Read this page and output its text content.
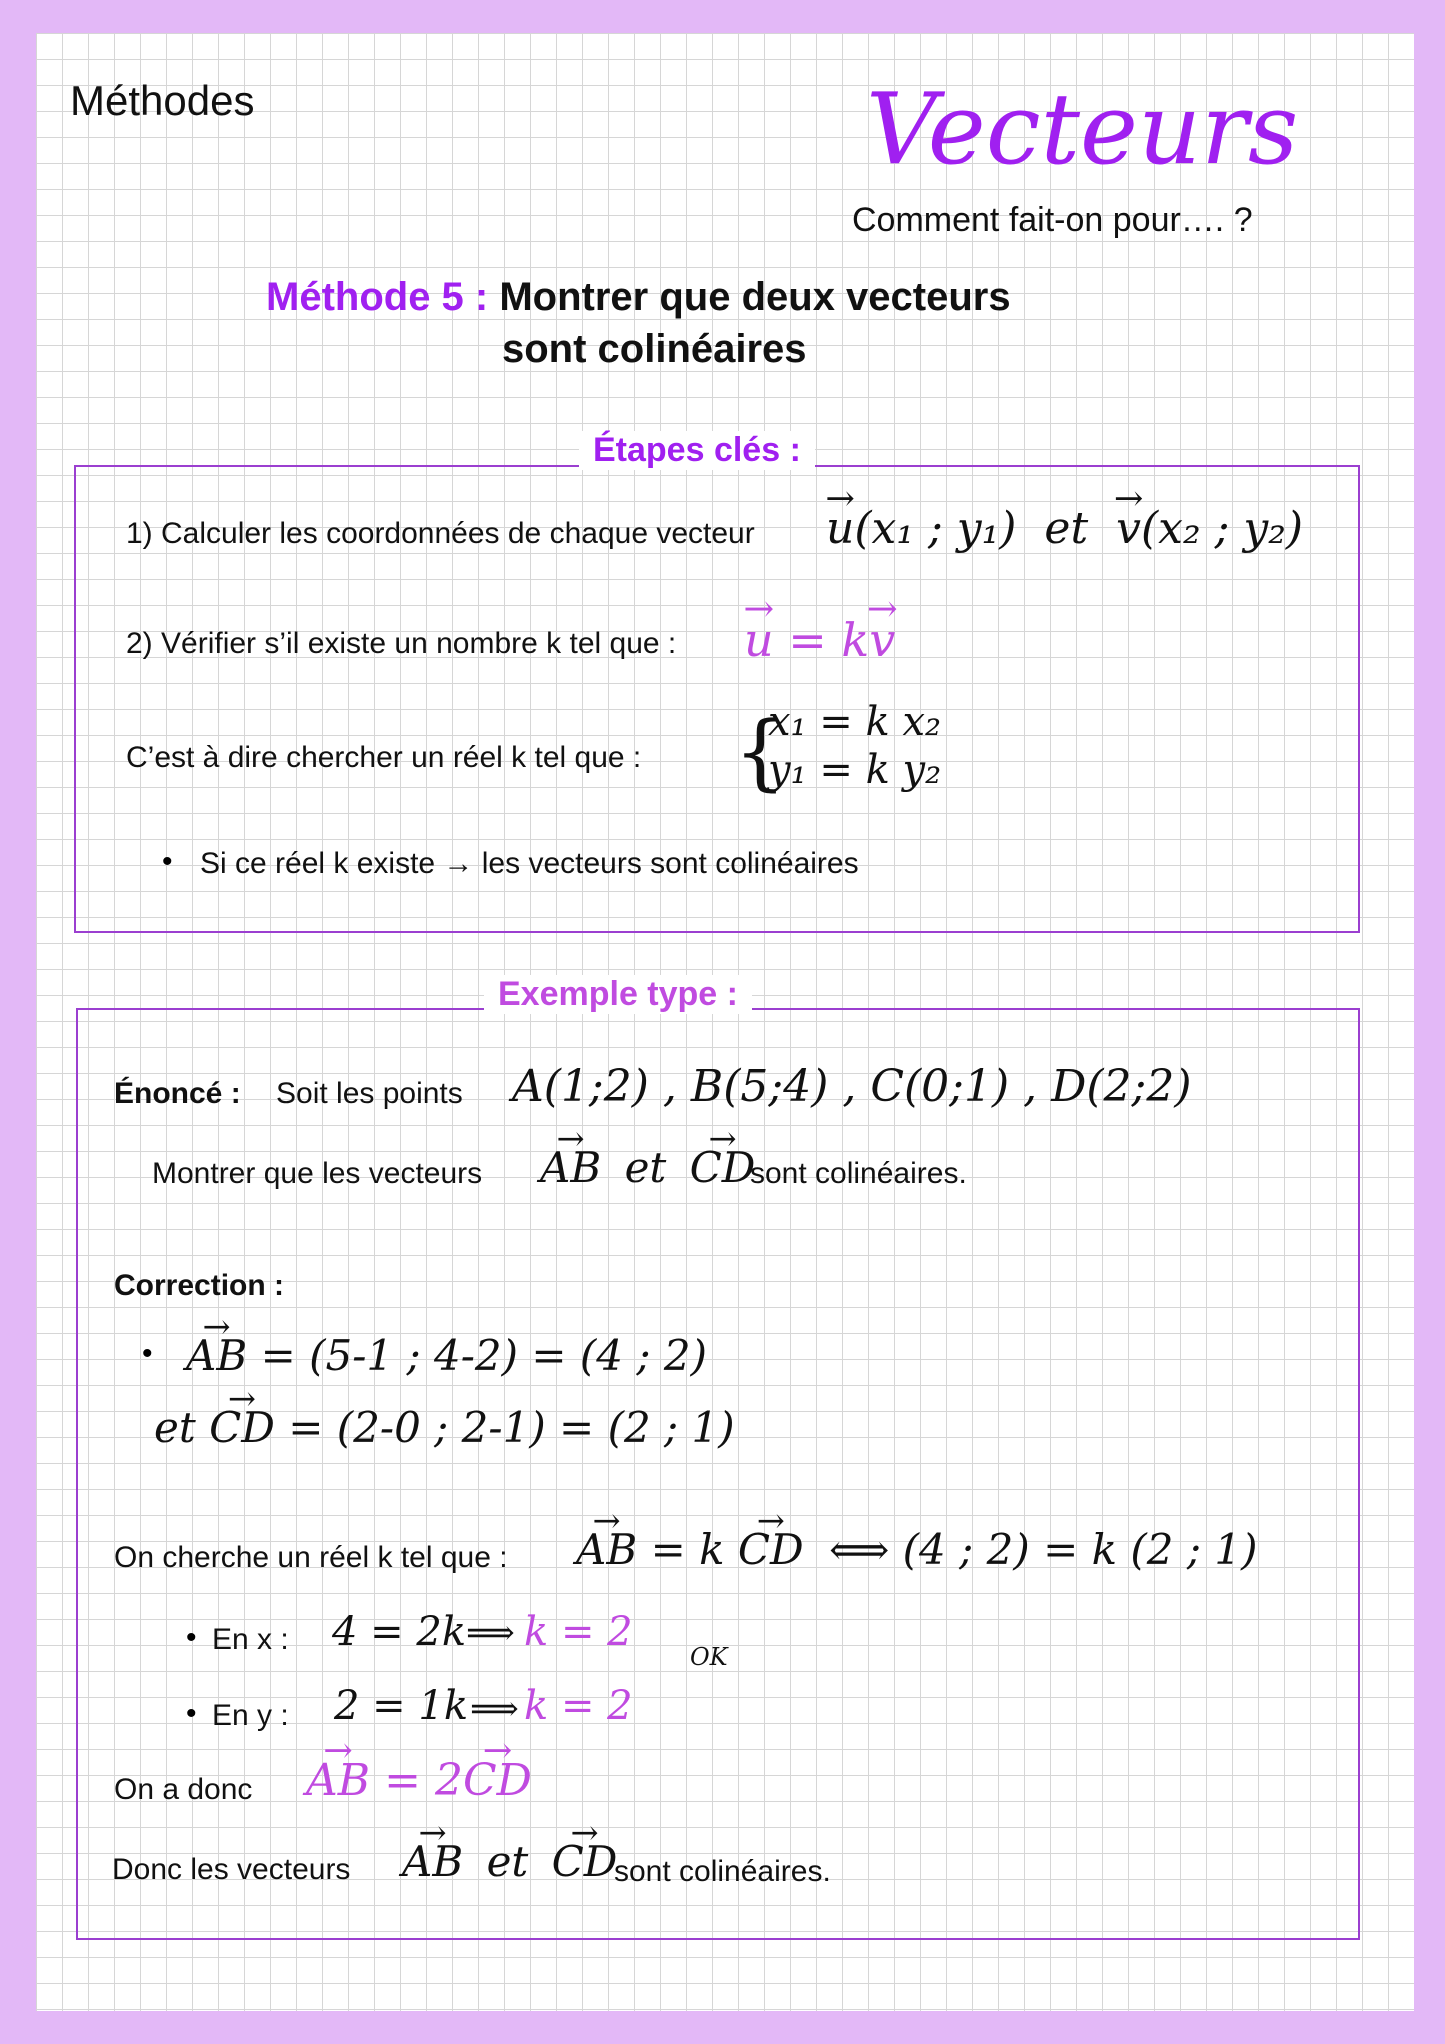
Méthodes	Vecteurs
Comment fait-on pour…. ?
Méthode 5 : Montrer que deux vecteurs
sont colinéaires
Étapes clés :
1) Calculer les coordonnées de chaque vecteur → u(x₁ ; y₁) et → v(x₂ ; y₂)
2) Vérifier s’il existe un nombre k tel que : → u = k→ v
C’est à dire chercher un réel k tel que : {
x₁ = k x₂
y₁ = k y₂
• Si ce réel k existe → les vecteurs sont colinéaires
Exemple type :
Énoncé : Soit les points A(1;2) , B(5;4) , C(0;1) , D(2;2)
Montrer que les vecteurs → AB et → CD
sont colinéaires.
Correction :
• → AB = (5-1 ; 4-2) = (4 ; 2)
et → CD = (2-0 ; 2-1) = (2 ; 1)
On cherche un réel k tel que : → AB = k → CD ⟺ (4 ; 2) = k (2 ; 1)
• En x : 4 = 2k ⟹ k = 2
OK
• En y : 2 = 1k ⟹ k = 2
On a donc → AB = 2→ CD
Donc les vecteurs → AB et → CD
sont colinéaires.
